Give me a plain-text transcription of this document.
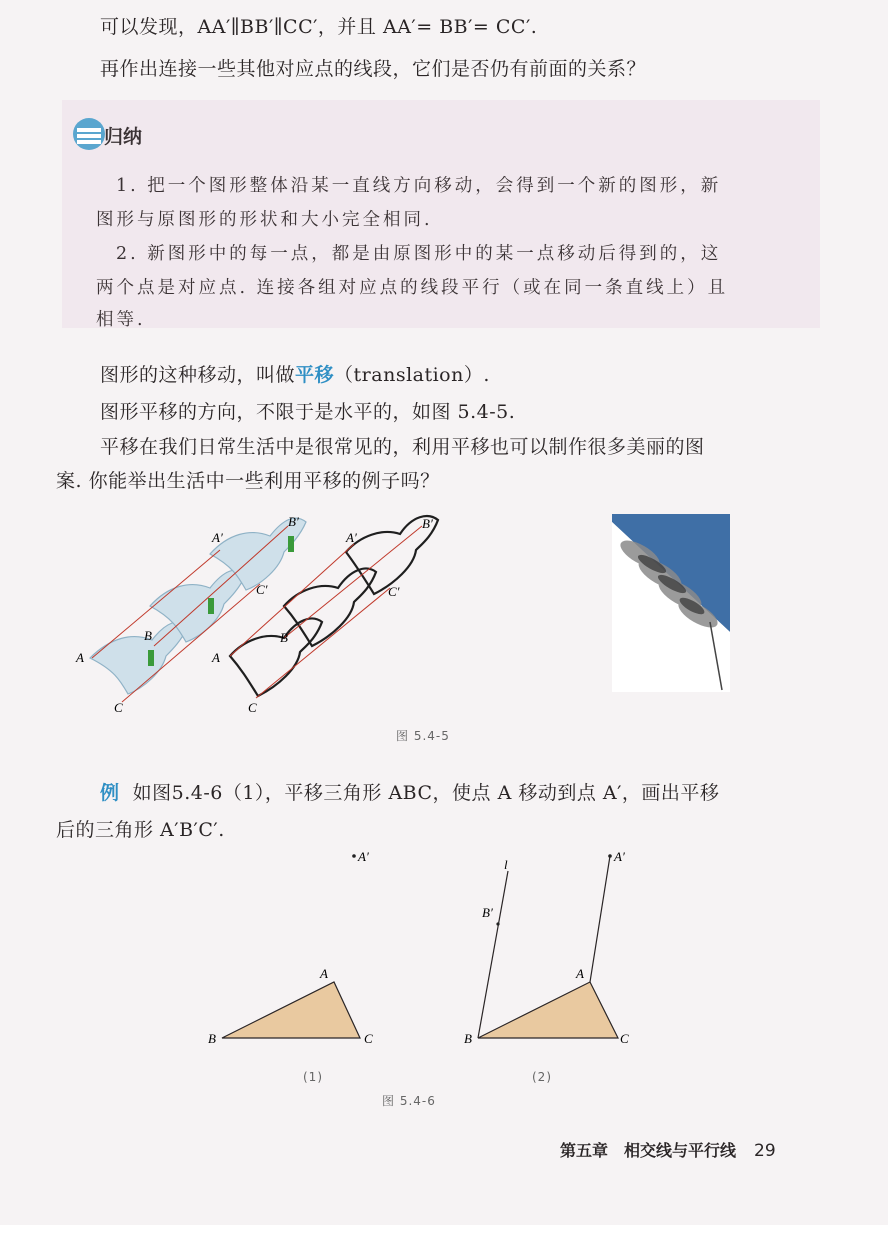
可以发现，AA′∥BB′∥CC′，并且 AA′= BB′= CC′.
再作出连接一些其他对应点的线段，它们是否仍有前面的关系？
1. 把一个图形整体沿某一直线方向移动，会得到一个新的图形，新
图形与原图形的形状和大小完全相同.
2. 新图形中的每一点，都是由原图形中的某一点移动后得到的，这
两个点是对应点. 连接各组对应点的线段平行（或在同一条直线上）且
相等.
归纳
图形的这种移动，叫做平移（translation）.
图形平移的方向，不限于是水平的，如图 5.4-5.
平移在我们日常生活中是很常见的，利用平移也可以制作很多美丽的图
案. 你能举出生活中一些利用平移的例子吗？
A
B
C
A′
B′
C′
A
B
C
A′
B′
C′
图 5.4-5
例 如图5.4-6（1），平移三角形 ABC，使点 A 移动到点 A′，画出平移
后的三角形 A′B′C′.
A′
B
A
C
l
B′
A′
A
B	C
(1)	(2)
图 5.4-6
第五章　相交线与平行线 29
